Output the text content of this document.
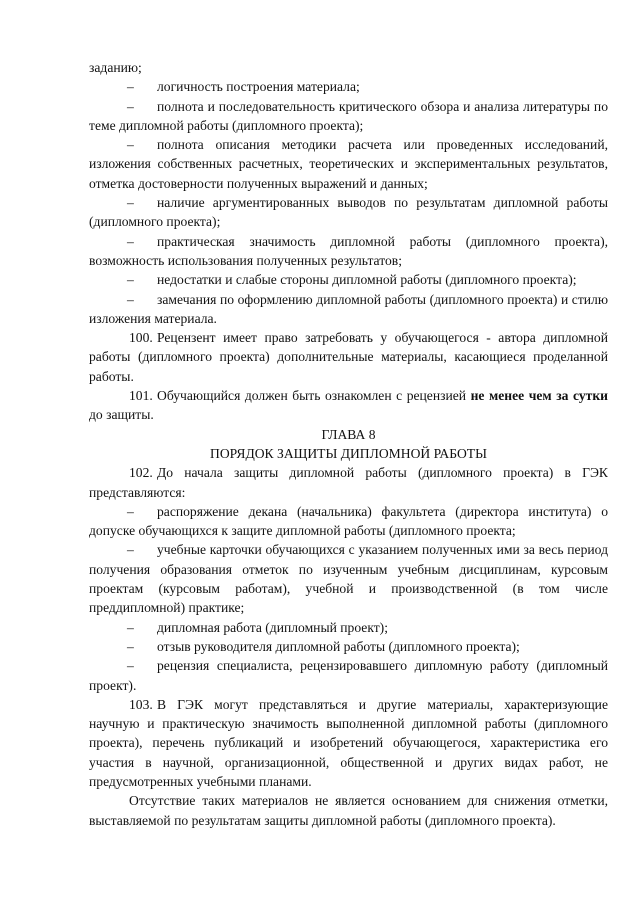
заданию;

– логичность построения материала;

– полнота и последовательность критического обзора и анализа литературы по теме дипломной работы (дипломного проекта);

– полнота описания методики расчета или проведенных исследований, изложения собственных расчетных, теоретических и экспериментальных результатов, отметка достоверности полученных выражений и данных;

– наличие аргументированных выводов по результатам дипломной работы (дипломного проекта);

– практическая значимость дипломной работы (дипломного проекта), возможность использования полученных результатов;

– недостатки и слабые стороны дипломной работы (дипломного проекта);

– замечания по оформлению дипломной работы (дипломного проекта) и стилю изложения материала.

100. Рецензент имеет право затребовать у обучающегося - автора дипломной работы (дипломного проекта) дополнительные материалы, касающиеся проделанной работы.

101. Обучающийся должен быть ознакомлен с рецензией не менее чем за сутки до защиты.

ГЛАВА 8

ПОРЯДОК ЗАЩИТЫ ДИПЛОМНОЙ РАБОТЫ

102. До начала защиты дипломной работы (дипломного проекта) в ГЭК представляются:

– распоряжение декана (начальника) факультета (директора института) о допуске обучающихся к защите дипломной работы (дипломного проекта;

– учебные карточки обучающихся с указанием полученных ими за весь период получения образования отметок по изученным учебным дисциплинам, курсовым проектам (курсовым работам), учебной и производственной (в том числе преддипломной) практике;

– дипломная работа (дипломный проект);

– отзыв руководителя дипломной работы (дипломного проекта);

– рецензия специалиста, рецензировавшего дипломную работу (дипломный проект).

103. В ГЭК могут представляться и другие материалы, характеризующие научную и практическую значимость выполненной дипломной работы (дипломного проекта), перечень публикаций и изобретений обучающегося, характеристика его участия в научной, организационной, общественной и других видах работ, не предусмотренных учебными планами.

Отсутствие таких материалов не является основанием для снижения отметки, выставляемой по результатам защиты дипломной работы (дипломного проекта).
